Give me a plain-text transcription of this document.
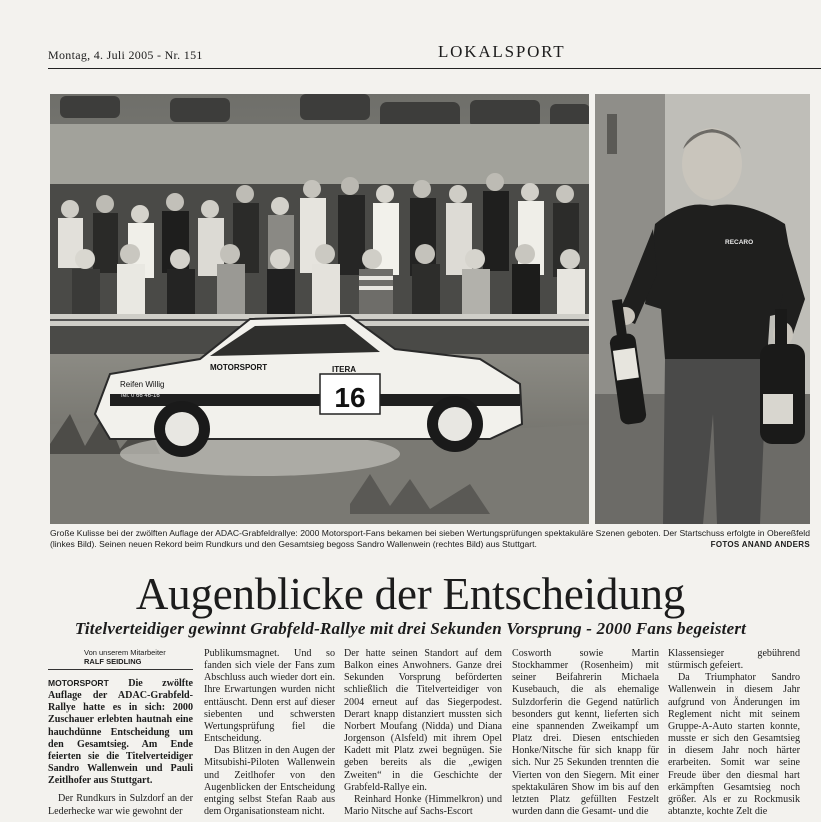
Montag, 4. Juli 2005 - Nr. 151	LOKALSPORT
16
ITERA
MOTORSPORT
Reifen Willig
Tel. 0 66 46-16
RECARO
Große Kulisse bei der zwölften Auflage der ADAC-Grabfeldrallye: 2000 Motorsport-Fans bekamen bei sieben Wertungsprüfungen spektakuläre Szenen geboten. Der Startschuss erfolgte in Obereßfeld (linkes Bild). Seinen neuen Rekord beim Rundkurs und den Gesamtsieg begoss Sandro Wallenwein (rechtes Bild) aus Stuttgart.	FOTOS ANAND ANDERS
Augenblicke der Entscheidung
Titelverteidiger gewinnt Grabfeld-Rallye mit drei Sekunden Vorsprung - 2000 Fans begeistert
Von unserem Mitarbeiter
RALF SEIDLING

MOTORSPORT Die zwölfte Auflage der ADAC-Grabfeld-Rallye hatte es in sich: 2000 Zuschauer erlebten hautnah eine hauchdünne Entscheidung um den Gesamtsieg. Am Ende feierten sie die Titelverteidiger Sandro Wallenwein und Pauli Zeitlhofer aus Stuttgart.

Der Rundkurs in Sulzdorf an der Lederhecke war wie gewohnt der

Publikumsmagnet. Und so fanden sich viele der Fans zum Abschluss auch wieder dort ein. Ihre Erwartungen wurden nicht enttäuscht. Denn erst auf dieser siebenten und schwersten Wertungsprüfung fiel die Entscheidung.

Das Blitzen in den Augen der Mitsubishi-Piloten Wallenwein und Zeitlhofer von den Augenblicken der Entscheidung entging selbst Stefan Raab aus dem Organisationsteam nicht.

Der hatte seinen Standort auf dem Balkon eines Anwohners. Ganze drei Sekunden Vorsprung beförderten schließlich die Titelverteidiger von 2004 erneut auf das Siegerpodest. Derart knapp distanziert mussten sich Norbert Moufang (Nidda) und Diana Jorgenson (Alsfeld) mit ihrem Opel Kadett mit Platz zwei begnügen. Sie geben bereits als die „ewigen Zweiten“ in die Geschichte der Grabfeld-Rallye ein.

Reinhard Honke (Himmelkron) und Mario Nitsche auf Sachs-Escort

Cosworth sowie Martin Stockhammer (Rosenheim) mit seiner Beifahrerin Michaela Kusebauch, die als ehemalige Sulzdorferin die Gegend natürlich besonders gut kennt, lieferten sich eine spannenden Zweikampf um Platz drei. Diesen entschieden Honke/Nitsche für sich knapp für sich. Nur 25 Sekunden trennten die Vierten von den Siegern. Mit einer spektakulären Show im bis auf den letzten Platz gefüllten Festzelt wurden dann die Gesamt- und die

Klassensieger gebührend stürmisch gefeiert.

Da Triumphator Sandro Wallenwein in diesem Jahr aufgrund von Änderungen im Reglement nicht mit seinem Gruppe-A-Auto starten konnte, musste er sich den Gesamtsieg in diesem Jahr noch härter erarbeiten. Somit war seine Freude über den diesmal hart erkämpften Gesamtsieg noch größer. Als er zu Rockmusik abtanzte, kochte Zelt die
